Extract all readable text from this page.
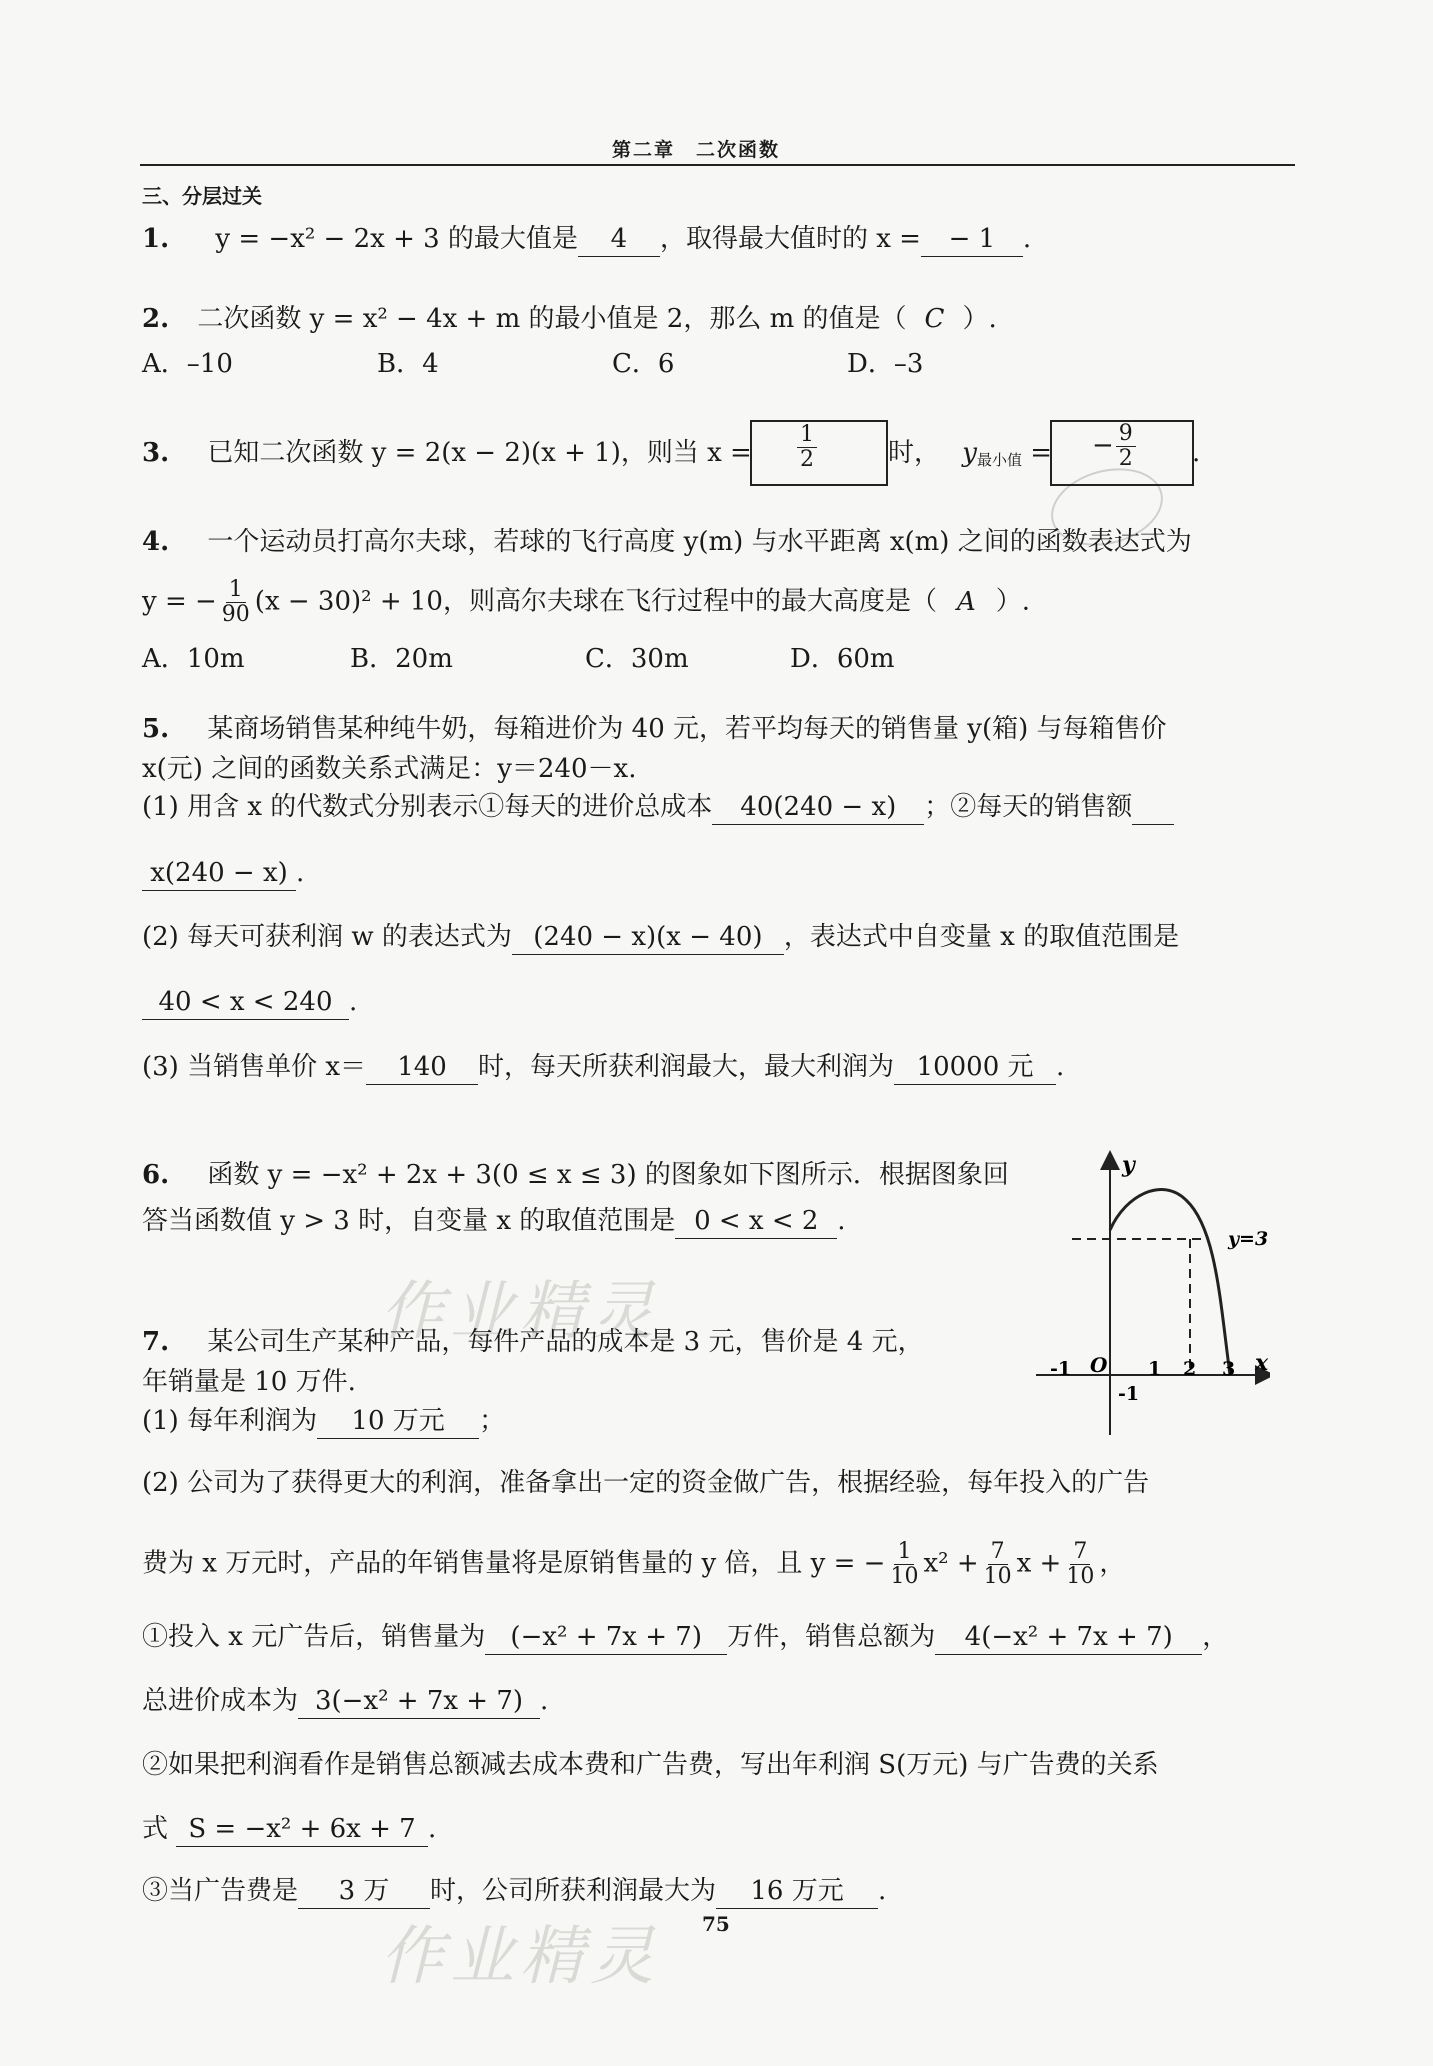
作业精灵
作业精灵
第二章　二次函数
三、分层过关
1. y = −x² − 2x + 3 的最大值是 4 ，取得最大值时的 x = − 1 .
2. 二次函数 y = x² − 4x + m 的最小值是 2，那么 m 的值是（ C ）.
A．–10	B．4	C．6	D．–3
3. 已知二次函数 y = 2(x − 2)(x + 1)，则当 $x = \frac{1}{2}$	时， $y_{最小值}$ = − $\frac{9}{2}$ .
4. 一个运动员打高尔夫球，若球的飞行高度 y(m) 与水平距离 x(m) 之间的函数表达式为
y = − $\frac{1}{90} (x - 30)^2 + 10$，则高尔夫球在飞行过程中的最大高度是（ A ）.
A．10m	B．20m	C．30m	D．60m
5. 某商场销售某种纯牛奶，每箱进价为 40 元，若平均每天的销售量 y(箱) 与每箱售价
x(元) 之间的函数关系式满足：y＝240－x.
(1) 用含 x 的代数式分别表示①每天的进价总成本 40(240 − x) ；②每天的销售额
x(240 − x) .
(2) 每天可获利润 w 的表达式为 (240 − x)(x − 40) ，表达式中自变量 x 的取值范围是
40 < x < 240 .
(3) 当销售单价 x＝ 140 时，每天所获利润最大，最大利润为 10000 元 .
6. 函数 y = −x² + 2x + 3(0 ≤ x ≤ 3) 的图象如下图所示．根据图象回
答当函数值 y > 3 时，自变量 x 的取值范围是 0 < x < 2 .
y
x
O
y=3
-1	1 2 3
-1
7. 某公司生产某种产品，每件产品的成本是 3 元，售价是 4 元，
年销量是 10 万件.
(1) 每年利润为 10 万元 ；
(2) 公司为了获得更大的利润，准备拿出一定的资金做广告，根据经验，每年投入的广告
费为 x 万元时，产品的年销售量将是原销售量的 y 倍，且 y = − $\frac{1}{10} x^2 + \frac{7}{10}$ $x + \frac{7}{10}$ ，
①投入 x 元广告后，销售量为 (−x² + 7x + 7) 万件，销售总额为 4(−x² + 7x + 7) ，
总进价成本为 3(−x² + 7x + 7) .
②如果把利润看作是销售总额减去成本费和广告费，写出年利润 S(万元) 与广告费的关系
式 S = −x² + 6x + 7 .
③当广告费是 3 万 时，公司所获利润最大为 16 万元 .
75
